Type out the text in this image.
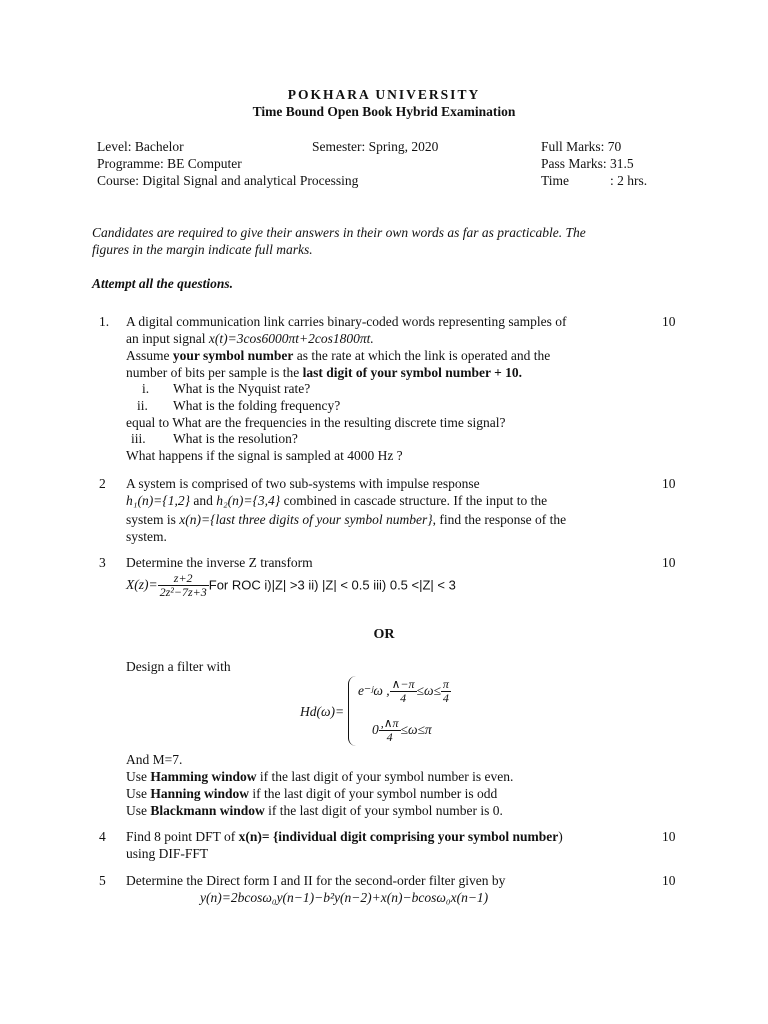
POKHARA UNIVERSITY
Time Bound Open Book Hybrid Examination
Level: Bachelor	Semester: Spring, 2020	Full Marks: 70
Programme: BE Computer	Pass Marks: 31.5
Course: Digital Signal and analytical Processing	Time	: 2 hrs.
Candidates are required to give their answers in their own words as far as practicable. The
figures in the margin indicate full marks.
Attempt all the questions.
1.	10
A digital communication link carries binary-coded words representing samples of
an input signal x(t)=3cos6000πt+2cos1800πt.
Assume your symbol number as the rate at which the link is operated and the
number of bits per sample is the last digit of your symbol number + 10.
i. What is the Nyquist rate?
ii. What is the folding frequency?
equal to What are the frequencies in the resulting discrete time signal?
iii. What is the resolution?
What happens if the signal is sampled at 4000 Hz ?
2	10
A system is comprised of two sub-systems with impulse response
h₁(n)={1,2} and h₂(n)={3,4} combined in cascade structure. If the input to the
system is x(n)={last three digits of your symbol number}, find the response of the
system.
3	10
Determine the inverse Z transform
$X(z)= \frac{z+2}{\text{2z²−7z+3}}$ For ROC i)|Z| >3 ii) |Z| < 0.5 iii) 0.5 <|Z| < 3
OR
Design a filter with
Hd(ω)=
e⁻ʲω , $\frac{\wedge-\pi}{4} \le\omega\le \frac{\pi}{4}$
$0 \frac{,\wedge\pi}{4} \le\omega\le\pi$
And M=7.
Use Hamming window if the last digit of your symbol number is even.
Use Hanning window if the last digit of your symbol number is odd
Use Blackmann window if the last digit of your symbol number is 0.
4	10
Find 8 point DFT of x(n)= {individual digit comprising your symbol number)
using DIF-FFT
5	10
Determine the Direct form I and II for the second-order filter given by
y(n)=2bcosω₀y(n−1)−b²y(n−2)+x(n)−bcosω₀x(n−1)
